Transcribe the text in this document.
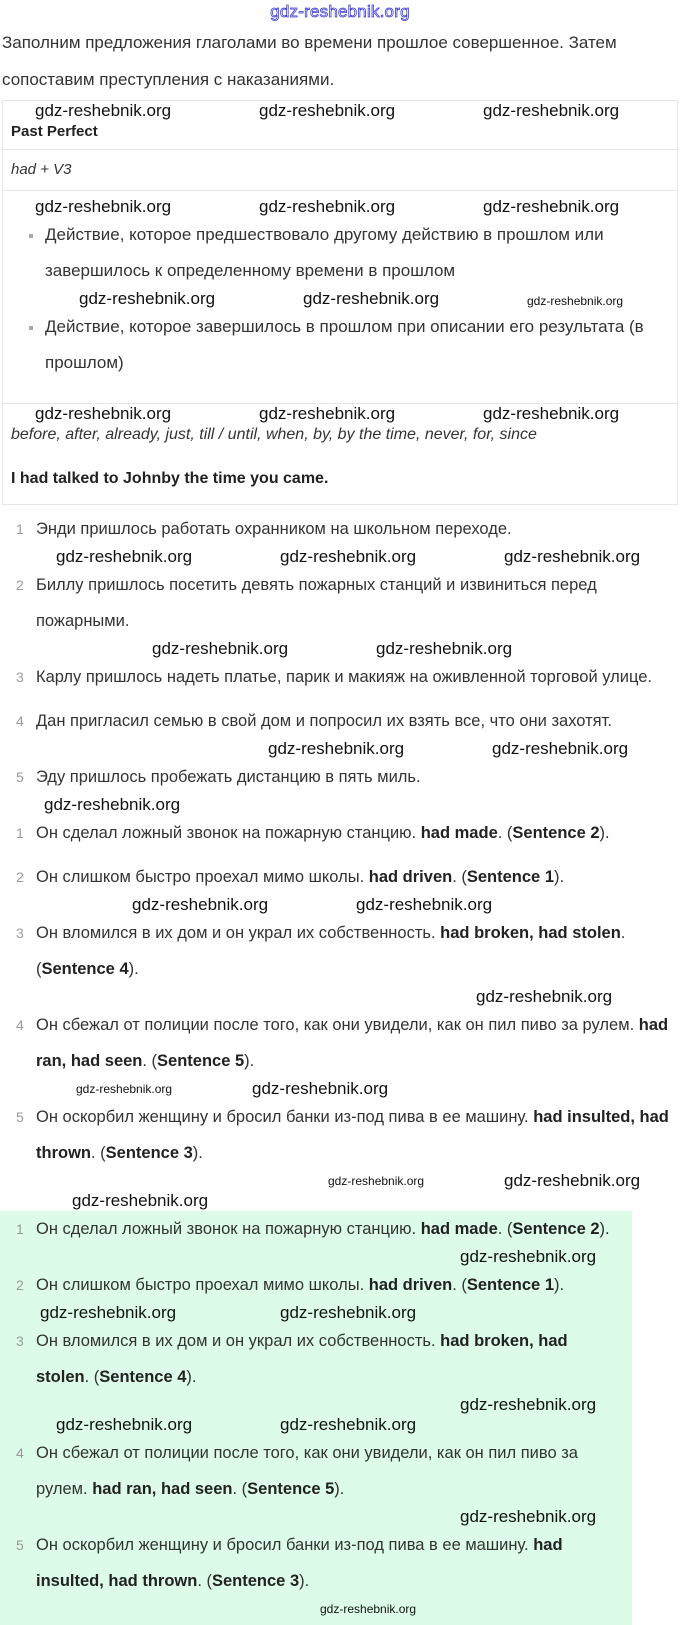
gdz-reshebnik.org
Заполним предложения глаголами во времени прошлое совершенное. Затем сопоставим преступления с наказаниями.
gdz-reshebnik.org	gdz-reshebnik.org	gdz-reshebnik.org
Past Perfect
had + V3
gdz-reshebnik.org	gdz-reshebnik.org	gdz-reshebnik.org
Действие, которое предшествовало другому действию в прошлом или завершилось к определенному времени в прошлом
gdz-reshebnik.org	gdz-reshebnik.org	gdz-reshebnik.org
Действие, которое завершилось в прошлом при описании его результата (в прошлом)
gdz-reshebnik.org	gdz-reshebnik.org	gdz-reshebnik.org
before, after, already, just, till / until, when, by, by the time, never, for, since
I had talked to Johnby the time you came.
1 Энди пришлось работать охранником на школьном переходе.
gdz-reshebnik.org	gdz-reshebnik.org	gdz-reshebnik.org
2 Биллу пришлось посетить девять пожарных станций и извиниться перед пожарными.
gdz-reshebnik.org	gdz-reshebnik.org
3 Карлу пришлось надеть платье, парик и макияж на оживленной торговой улице.
4 Дан пригласил семью в свой дом и попросил их взять все, что они захотят.
gdz-reshebnik.org	gdz-reshebnik.org
5 Эду пришлось пробежать дистанцию в пять миль.
gdz-reshebnik.org
1 Он сделал ложный звонок на пожарную станцию. had made. (Sentence 2).
2 Он слишком быстро проехал мимо школы. had driven. (Sentence 1).
gdz-reshebnik.org	gdz-reshebnik.org
3 Он вломился в их дом и он украл их собственность. had broken, had stolen. (Sentence 4).
gdz-reshebnik.org
4 Он сбежал от полиции после того, как они увидели, как он пил пиво за рулем. had ran, had seen. (Sentence 5).
gdz-reshebnik.org	gdz-reshebnik.org
5 Он оскорбил женщину и бросил банки из-под пива в ее машину. had insulted, had thrown. (Sentence 3).
gdz-reshebnik.org	gdz-reshebnik.org
gdz-reshebnik.org
1 Он сделал ложный звонок на пожарную станцию. had made. (Sentence 2).
gdz-reshebnik.org
2 Он слишком быстро проехал мимо школы. had driven. (Sentence 1).
gdz-reshebnik.org	gdz-reshebnik.org
3 Он вломился в их дом и он украл их собственность. had broken, had stolen. (Sentence 4).
gdz-reshebnik.org
gdz-reshebnik.org	gdz-reshebnik.org
4 Он сбежал от полиции после того, как они увидели, как он пил пиво за рулем. had ran, had seen. (Sentence 5).
gdz-reshebnik.org
5 Он оскорбил женщину и бросил банки из-под пива в ее машину. had insulted, had thrown. (Sentence 3).
gdz-reshebnik.org
